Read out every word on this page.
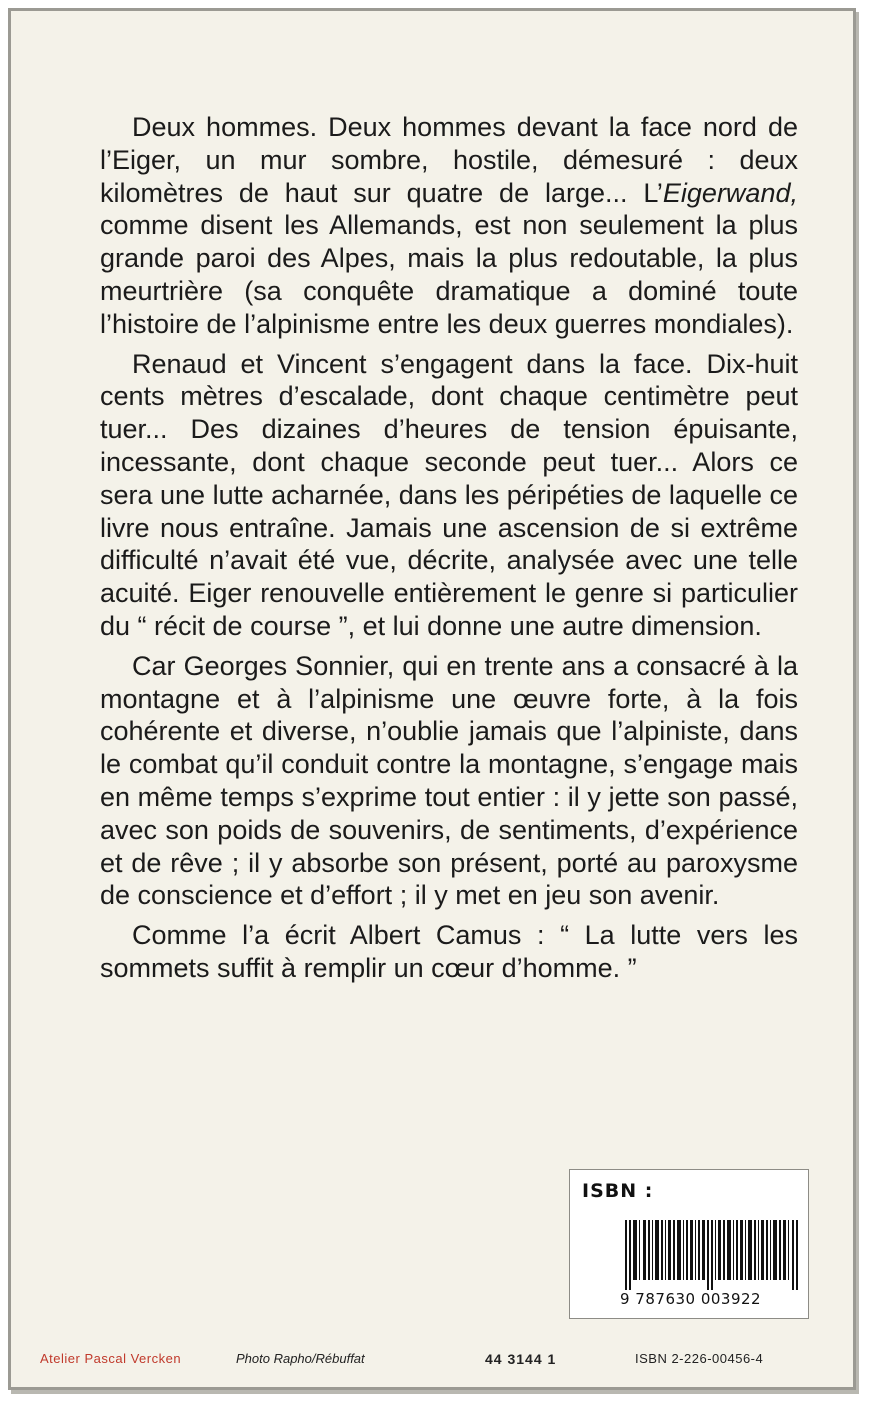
Deux hommes. Deux hommes devant la face nord de l’Eiger, un mur sombre, hostile, démesuré : deux kilomètres de haut sur quatre de large... L’Eigerwand, comme disent les Allemands, est non seulement la plus grande paroi des Alpes, mais la plus redoutable, la plus meurtrière (sa conquête dramatique a dominé toute l’histoire de l’alpinisme entre les deux guerres mondiales).

Renaud et Vincent s’engagent dans la face. Dix-huit cents mètres d’escalade, dont chaque centimètre peut tuer... Des dizaines d’heures de tension épuisante, incessante, dont chaque seconde peut tuer... Alors ce sera une lutte acharnée, dans les péripéties de laquelle ce livre nous entraîne. Jamais une ascension de si extrême difficulté n’avait été vue, décrite, analysée avec une telle acuité. Eiger renouvelle entièrement le genre si particulier du “ récit de course ”, et lui donne une autre dimension.

Car Georges Sonnier, qui en trente ans a consacré à la montagne et à l’alpinisme une œuvre forte, à la fois cohérente et diverse, n’oublie jamais que l’alpiniste, dans le combat qu’il conduit contre la montagne, s’engage mais en même temps s’exprime tout entier : il y jette son passé, avec son poids de souvenirs, de sentiments, d’expérience et de rêve ; il y absorbe son présent, porté au paroxysme de conscience et d’effort ; il y met en jeu son avenir.

Comme l’a écrit Albert Camus : “ La lutte vers les sommets suffit à remplir un cœur d’homme. ”

ISBN :
9 787630 003922
Atelier Pascal Vercken	Photo Rapho/Rébuffat	44 3144 1	ISBN 2-226-00456-4
